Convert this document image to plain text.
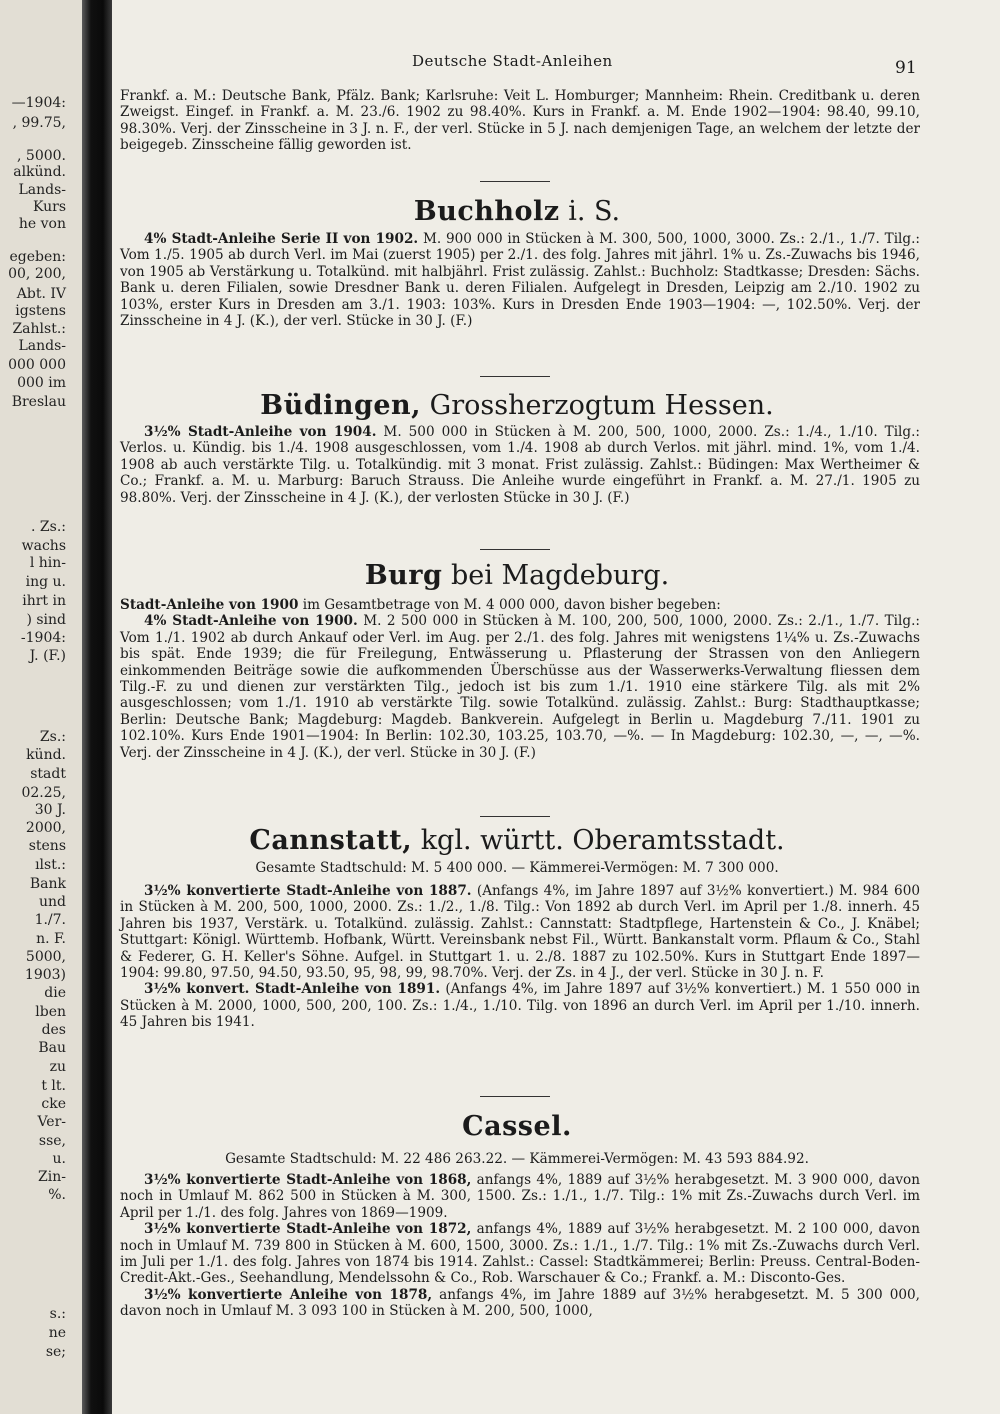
—1904:
, 99.75,
, 5000.
alkünd.
Lands-
Kurs
he von
egeben:
00, 200,
Abt. IV
igstens
Zahlst.:
Lands-
000 000
000 im
Breslau
. Zs.:
wachs
l hin-
ing u.
ihrt in
) sind
-1904:
J. (F.)
Zs.:
künd.
stadt
02.25,
30 J.
2000,
stens
ılst.:
Bank
und
1./7.
n. F.
5000,
1903)
die
lben
des
Bau
zu
t lt.
cke
Ver-
sse,
u.
Zin-
%.
s.:
ne
se;
Deutsche Stadt-Anleihen	91

Frankf. a. M.: Deutsche Bank, Pfälz. Bank; Karlsruhe: Veit L. Homburger; Mannheim: Rhein. Creditbank u. deren Zweigst. Eingef. in Frankf. a. M. 23./6. 1902 zu 98.40%. Kurs in Frankf. a. M. Ende 1902—1904: 98.40, 99.10, 98.30%. Verj. der Zinsscheine in 3 J. n. F., der verl. Stücke in 5 J. nach demjenigen Tage, an welchem der letzte der beigegeb. Zinsscheine fällig geworden ist.

Buchholz i. S.

4% Stadt-Anleihe Serie II von 1902. M. 900 000 in Stücken à M. 300, 500, 1000, 3000. Zs.: 2./1., 1./7. Tilg.: Vom 1./5. 1905 ab durch Verl. im Mai (zuerst 1905) per 2./1. des folg. Jahres mit jährl. 1% u. Zs.-Zuwachs bis 1946, von 1905 ab Verstärkung u. Totalkünd. mit halbjährl. Frist zulässig. Zahlst.: Buchholz: Stadtkasse; Dresden: Sächs. Bank u. deren Filialen, sowie Dresdner Bank u. deren Filialen. Aufgelegt in Dresden, Leipzig am 2./10. 1902 zu 103%, erster Kurs in Dresden am 3./1. 1903: 103%. Kurs in Dresden Ende 1903—1904: —, 102.50%. Verj. der Zinsscheine in 4 J. (K.), der verl. Stücke in 30 J. (F.)

Büdingen, Grossherzogtum Hessen.

3½% Stadt-Anleihe von 1904. M. 500 000 in Stücken à M. 200, 500, 1000, 2000. Zs.: 1./4., 1./10. Tilg.: Verlos. u. Kündig. bis 1./4. 1908 ausgeschlossen, vom 1./4. 1908 ab durch Verlos. mit jährl. mind. 1%, vom 1./4. 1908 ab auch verstärkte Tilg. u. Totalkündig. mit 3 monat. Frist zulässig. Zahlst.: Büdingen: Max Wertheimer & Co.; Frankf. a. M. u. Marburg: Baruch Strauss. Die Anleihe wurde eingeführt in Frankf. a. M. 27./1. 1905 zu 98.80%. Verj. der Zinsscheine in 4 J. (K.), der verlosten Stücke in 30 J. (F.)

Burg bei Magdeburg.

Stadt-Anleihe von 1900 im Gesamtbetrage von M. 4 000 000, davon bisher begeben:

4% Stadt-Anleihe von 1900. M. 2 500 000 in Stücken à M. 100, 200, 500, 1000, 2000. Zs.: 2./1., 1./7. Tilg.: Vom 1./1. 1902 ab durch Ankauf oder Verl. im Aug. per 2./1. des folg. Jahres mit wenigstens 1¼% u. Zs.-Zuwachs bis spät. Ende 1939; die für Freilegung, Entwässerung u. Pflasterung der Strassen von den Anliegern einkommenden Beiträge sowie die aufkommenden Überschüsse aus der Wasserwerks-Verwaltung fliessen dem Tilg.-F. zu und dienen zur verstärkten Tilg., jedoch ist bis zum 1./1. 1910 eine stärkere Tilg. als mit 2% ausgeschlossen; vom 1./1. 1910 ab verstärkte Tilg. sowie Totalkünd. zulässig. Zahlst.: Burg: Stadthauptkasse; Berlin: Deutsche Bank; Magdeburg: Magdeb. Bankverein. Aufgelegt in Berlin u. Magdeburg 7./11. 1901 zu 102.10%. Kurs Ende 1901—1904: In Berlin: 102.30, 103.25, 103.70, —%. — In Magdeburg: 102.30, —, —, —%. Verj. der Zinsscheine in 4 J. (K.), der verl. Stücke in 30 J. (F.)

Cannstatt, kgl. württ. Oberamtsstadt.
Gesamte Stadtschuld: M. 5 400 000. — Kämmerei-Vermögen: M. 7 300 000.

3½% konvertierte Stadt-Anleihe von 1887. (Anfangs 4%, im Jahre 1897 auf 3½% konvertiert.) M. 984 600 in Stücken à M. 200, 500, 1000, 2000. Zs.: 1./2., 1./8. Tilg.: Von 1892 ab durch Verl. im April per 1./8. innerh. 45 Jahren bis 1937, Verstärk. u. Totalkünd. zulässig. Zahlst.: Cannstatt: Stadtpflege, Hartenstein & Co., J. Knäbel; Stuttgart: Königl. Württemb. Hofbank, Württ. Vereinsbank nebst Fil., Württ. Bankanstalt vorm. Pflaum & Co., Stahl & Federer, G. H. Keller's Söhne. Aufgel. in Stuttgart 1. u. 2./8. 1887 zu 102.50%. Kurs in Stuttgart Ende 1897—1904: 99.80, 97.50, 94.50, 93.50, 95, 98, 99, 98.70%. Verj. der Zs. in 4 J., der verl. Stücke in 30 J. n. F.

3½% konvert. Stadt-Anleihe von 1891. (Anfangs 4%, im Jahre 1897 auf 3½% konvertiert.) M. 1 550 000 in Stücken à M. 2000, 1000, 500, 200, 100. Zs.: 1./4., 1./10. Tilg. von 1896 an durch Verl. im April per 1./10. innerh. 45 Jahren bis 1941.

Cassel.
Gesamte Stadtschuld: M. 22 486 263.22. — Kämmerei-Vermögen: M. 43 593 884.92.

3½% konvertierte Stadt-Anleihe von 1868, anfangs 4%, 1889 auf 3½% herabgesetzt. M. 3 900 000, davon noch in Umlauf M. 862 500 in Stücken à M. 300, 1500. Zs.: 1./1., 1./7. Tilg.: 1% mit Zs.-Zuwachs durch Verl. im April per 1./1. des folg. Jahres von 1869—1909.

3½% konvertierte Stadt-Anleihe von 1872, anfangs 4%, 1889 auf 3½% herabgesetzt. M. 2 100 000, davon noch in Umlauf M. 739 800 in Stücken à M. 600, 1500, 3000. Zs.: 1./1., 1./7. Tilg.: 1% mit Zs.-Zuwachs durch Verl. im Juli per 1./1. des folg. Jahres von 1874 bis 1914. Zahlst.: Cassel: Stadtkämmerei; Berlin: Preuss. Central-Boden-Credit-Akt.-Ges., Seehandlung, Mendelssohn & Co., Rob. Warschauer & Co.; Frankf. a. M.: Disconto-Ges.

3½% konvertierte Anleihe von 1878, anfangs 4%, im Jahre 1889 auf 3½% herabgesetzt. M. 5 300 000, davon noch in Umlauf M. 3 093 100 in Stücken à M. 200, 500, 1000,
